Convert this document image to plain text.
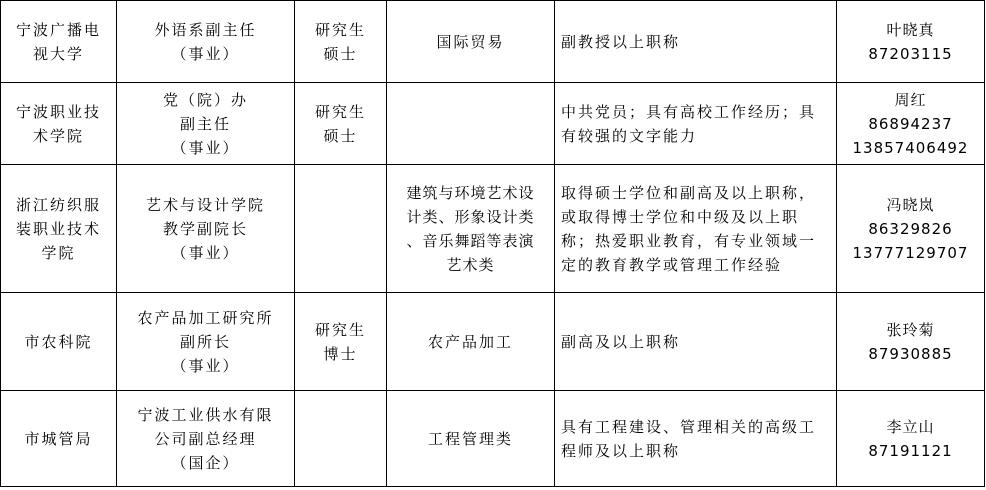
宁波广播电
视大学	外语系副主任
（事业）	研究生
硕士	国际贸易	副教授以上职称	叶晓真
87203115

宁波职业技
术学院	党（院）办
副主任
（事业）	研究生
硕士		中共党员；具有高校工作经历；具有较强的文字能力	周红
86894237
13857406492

浙江纺织服
装职业技术
学院	艺术与设计学院
教学副院长
（事业）		建筑与环境艺术设
计类、形象设计类
、音乐舞蹈等表演
艺术类	取得硕士学位和副高及以上职称，或取得博士学位和中级及以上职称；热爱职业教育，有专业领域一定的教育教学或管理工作经验	冯晓岚
86329826
13777129707

市农科院	农产品加工研究所
副所长
（事业）	研究生
博士	农产品加工	副高及以上职称	张玲菊
87930885

市城管局	宁波工业供水有限
公司副总经理
（国企）		工程管理类	具有工程建设、管理相关的高级工程师及以上职称	李立山
87191121
